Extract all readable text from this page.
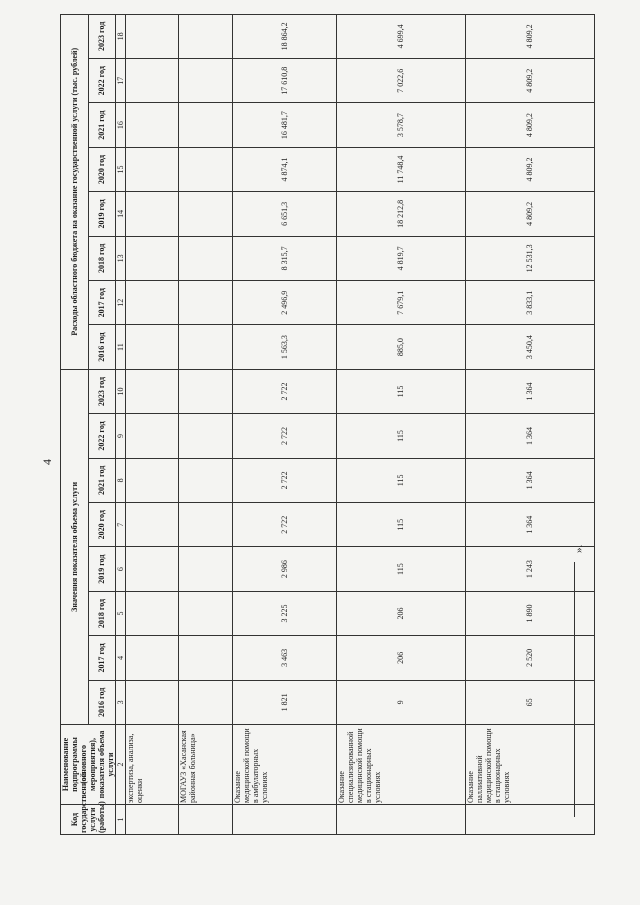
4
Код государственной услуги (работы)	Наименование подпрограммы (основного мероприятия), показателя объема услуги	Значения показателя объема услуги								Расходы областного бюджета на оказание государственной услуги (тыс. рублей)							
		2016 год	2017 год	2018 год	2019 год	2020 год	2021 год	2022 год	2023 год	2016 год	2017 год	2018 год	2019 год	2020 год	2021 год	2022 год	2023 год
1	2	3	4	5	6	7	8	9	10	11	12	13	14	15	16	17	18
	экспертиза, анализа, оценки																
	МОГАУЗ «Хасанская районная больница»																
	Оказание медицинской помощи в амбулаторных условиях	1 821	3 463	3 225	2 986	2 722	2 722	2 722	2 722	1 563,3	2 496,9	8 315,7	6 651,3	4 874,1	16 481,7	17 610,8	18 864,2
	Оказание специализированной медицинской помощи в стационарных условиях	9	206	206	115	115	115	115	115	885,0	7 679,1	4 819,7	18 212,8	11 748,4	3 578,7	7 022,6	4 699,4
	Оказание паллиативной медицинской помощи в стационарных условиях	65	2 520	1 890	1 243	1 364	1 364	1 364	1 364	3 450,4	3 833,1	12 531,3	4 809,2	4 809,2	4 809,2	4 809,2	4 809,2
».
